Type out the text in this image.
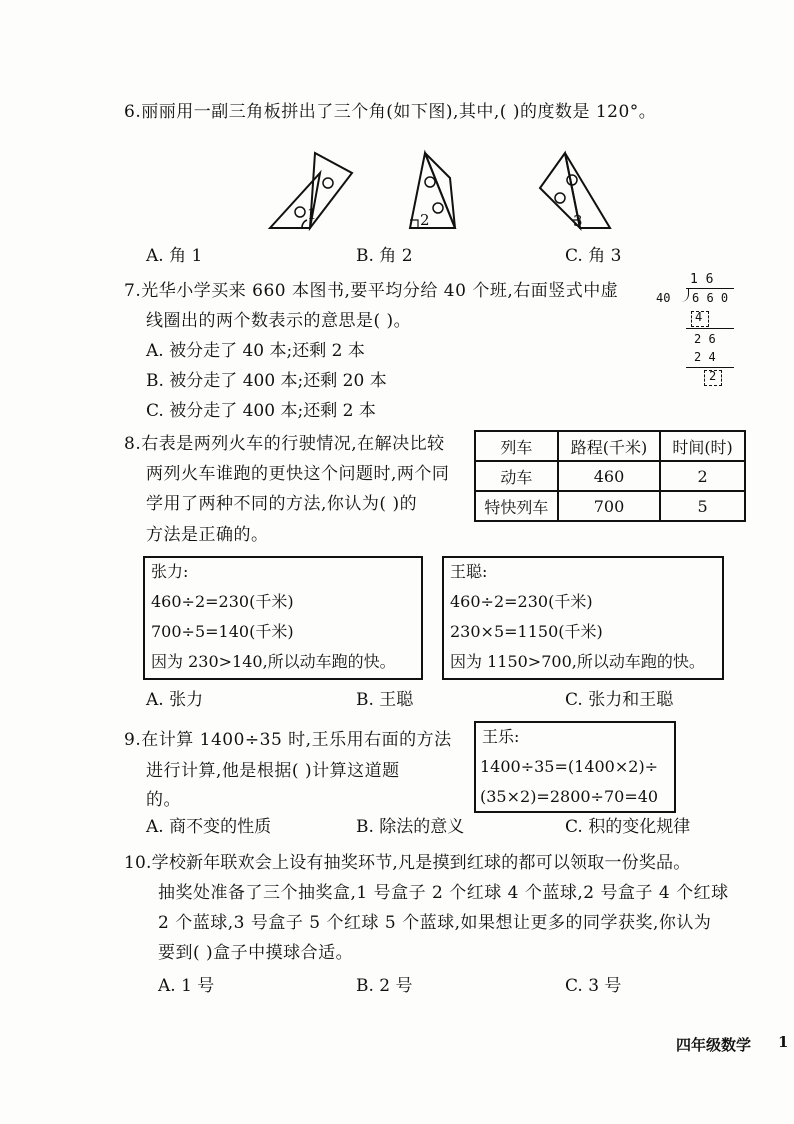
6.丽丽用一副三角板拼出了三个角(如下图),其中,( )的度数是 120°。
1	2	3
A. 角 1	B. 角 2	C. 角 3
7.光华小学买来 660 本图书,要平均分给 40 个班,右面竖式中虚
线圈出的两个数表示的意思是( )。
A. 被分走了 40 本;还剩 2 本
B. 被分走了 400 本;还剩 20 本
C. 被分走了 400 本;还剩 2 本
1 6
40 6 6 0
4
2 6
2 4
2
8.右表是两列火车的行驶情况,在解决比较
两列火车谁跑的更快这个问题时,两个同
学用了两种不同的方法,你认为( )的
方法是正确的。
列车	路程(千米)	时间(时)
动车	460	2
特快列车	700	5
张力:
460÷2=230(千米)
700÷5=140(千米)
因为 230>140,所以动车跑的快。
王聪:
460÷2=230(千米)
230×5=1150(千米)
因为 1150>700,所以动车跑的快。
A. 张力	B. 王聪	C. 张力和王聪
9.在计算 1400÷35 时,王乐用右面的方法
进行计算,他是根据( )计算这道题
的。
王乐:
1400÷35=(1400×2)÷
(35×2)=2800÷70=40
A. 商不变的性质	B. 除法的意义	C. 积的变化规律
10.学校新年联欢会上设有抽奖环节,凡是摸到红球的都可以领取一份奖品。
抽奖处准备了三个抽奖盒,1 号盒子 2 个红球 4 个蓝球,2 号盒子 4 个红球
2 个蓝球,3 号盒子 5 个红球 5 个蓝球,如果想让更多的同学获奖,你认为
要到( )盒子中摸球合适。
A. 1 号	B. 2 号	C. 3 号
四年级数学 1
